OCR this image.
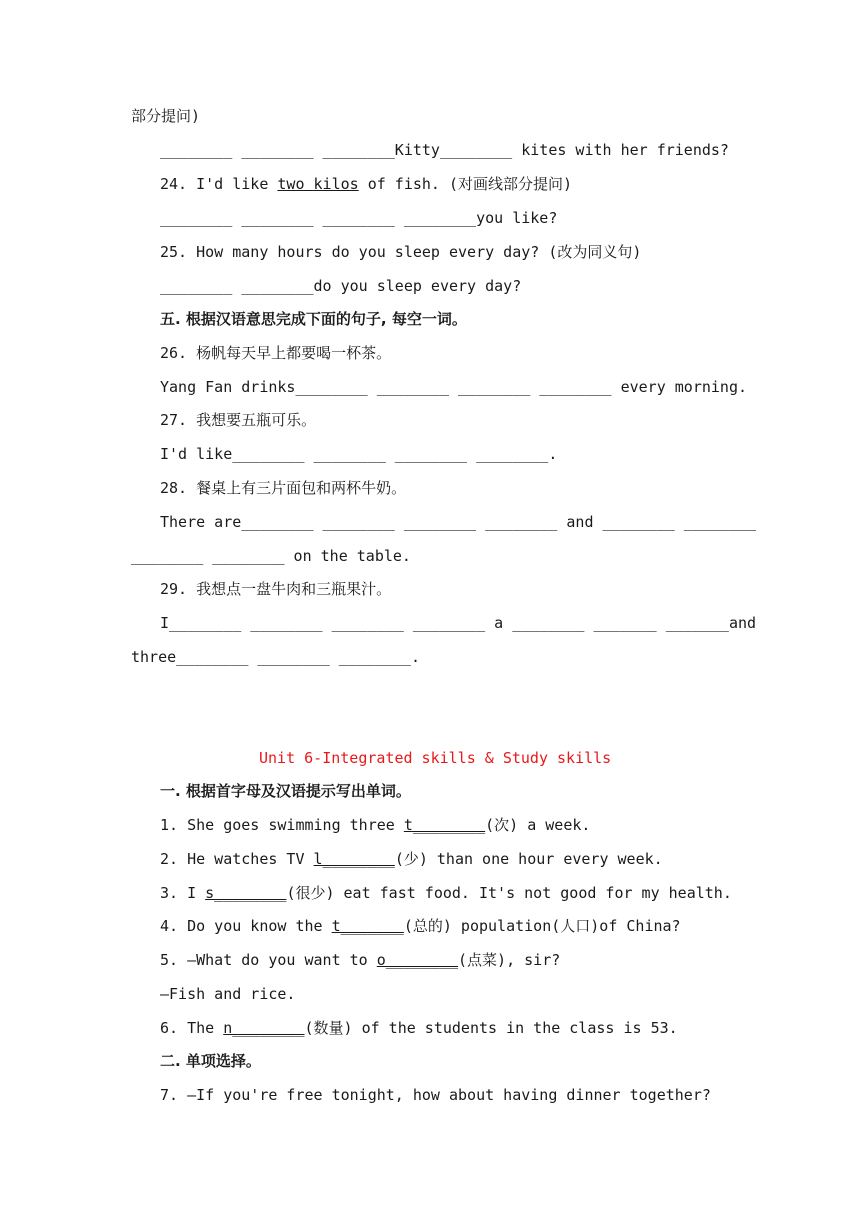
部分提问)
________ ________ ________Kitty________ kites with her friends?
24. I'd like two kilos of fish. (对画线部分提问)
________ ________ ________ ________you like?
25. How many hours do you sleep every day? (改为同义句)
________ ________do you sleep every day?
五. 根据汉语意思完成下面的句子, 每空一词。
26. 杨帆每天早上都要喝一杯茶。
Yang Fan drinks________ ________ ________ ________ every morning.
27. 我想要五瓶可乐。
I'd like________ ________ ________ ________.
28. 餐桌上有三片面包和两杯牛奶。
There are________ ________ ________ ________ and ________ ________
________ ________ on the table.
29. 我想点一盘牛肉和三瓶果汁。
I________ ________ ________ ________ a ________ _______ _______and
three________ ________ ________.
Unit 6-Integrated skills & Study skills
一. 根据首字母及汉语提示写出单词。
1. She goes swimming three t________(次) a week.
2. He watches TV l________(少) than one hour every week.
3. I s________(很少) eat fast food. It's not good for my health.
4. Do you know the t_______(总的) population(人口)of China?
5. —What do you want to o________(点菜), sir?
—Fish and rice.
6. The n________(数量) of the students in the class is 53.
二. 单项选择。
7. —If you're free tonight, how about having dinner together?
